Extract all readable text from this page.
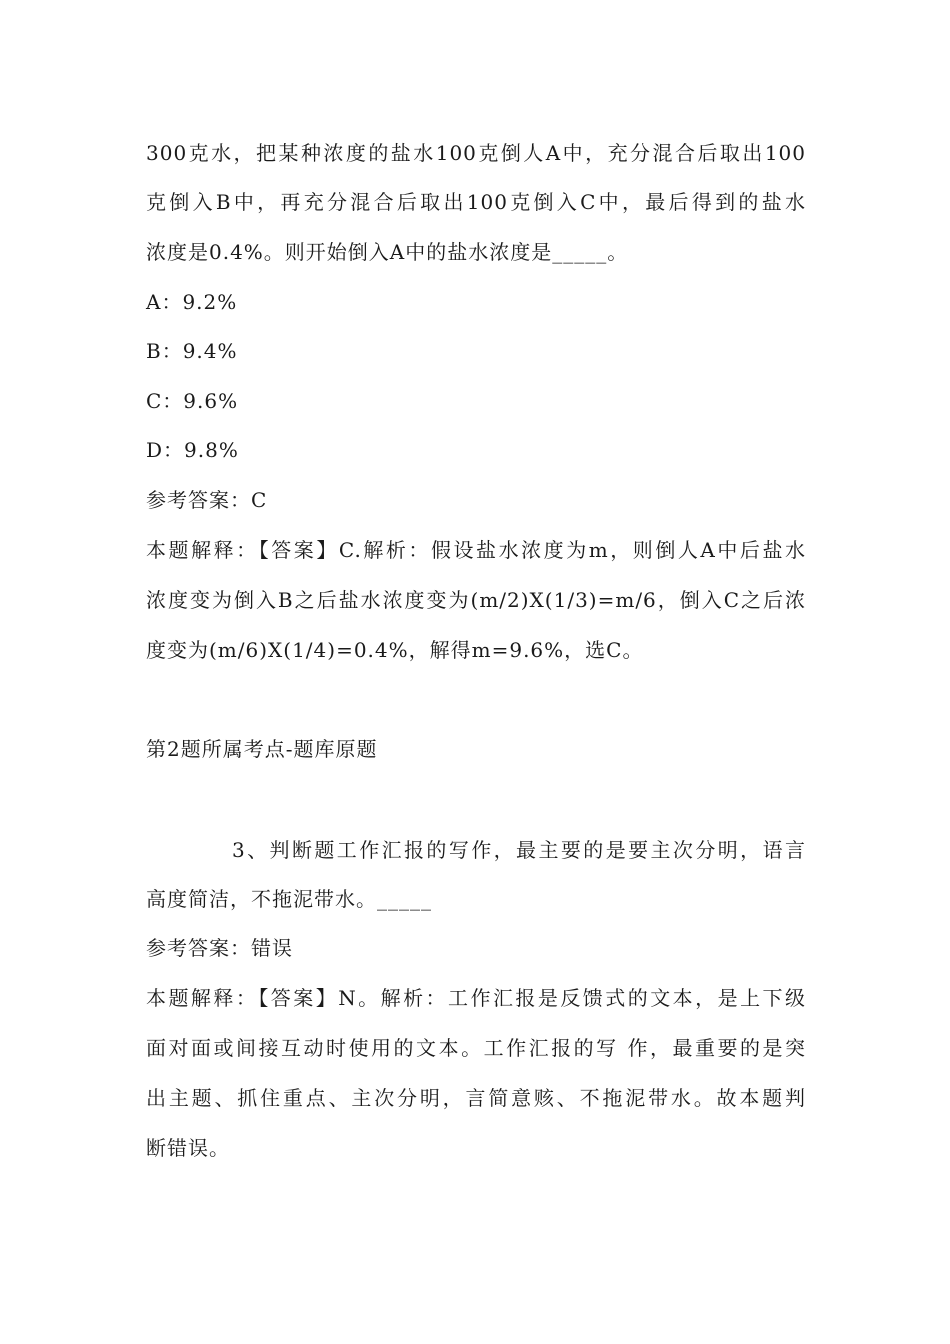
300克水，把某种浓度的盐水100克倒人A中，充分混合后取出100
克倒入B中，再充分混合后取出100克倒入C中，最后得到的盐水
浓度是0.4%。则开始倒入A中的盐水浓度是_____。
A：9.2%
B：9.4%
C：9.6%
D：9.8%
参考答案：C
本题解释：【答案】C.解析：假设盐水浓度为m，则倒人A中后盐水
浓度变为倒入B之后盐水浓度变为(m/2)X(1/3)=m/6，倒入C之后浓
度变为(m/6)X(1/4)=0.4%，解得m=9.6%，选C。
第2题所属考点-题库原题
3、判断题工作汇报的写作，最主要的是要主次分明，语言
高度简洁，不拖泥带水。_____
参考答案：错误
本题解释：【答案】N。解析：工作汇报是反馈式的文本，是上下级
面对面或间接互动时使用的文本。工作汇报的写 作，最重要的是突
出主题、抓住重点、主次分明，言简意赅、不拖泥带水。故本题判
断错误。
